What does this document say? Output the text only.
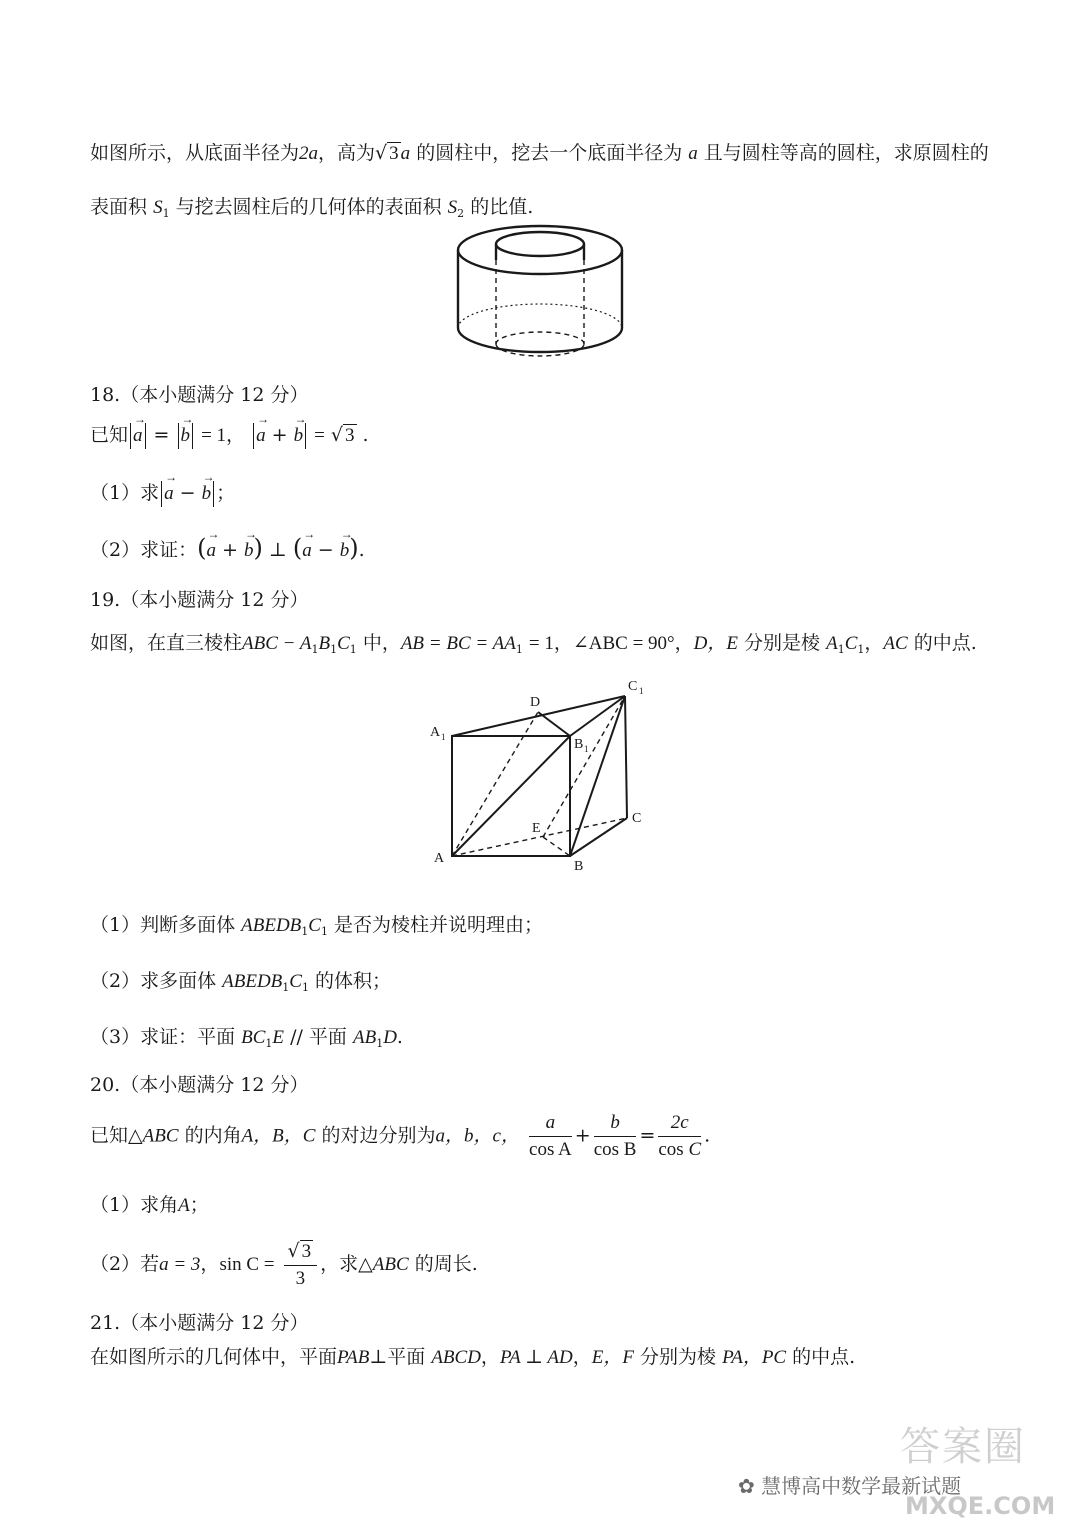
如图所示，从底面半径为2a，高为√ 3 a 的圆柱中，挖去一个底面半径为 a 且与圆柱等高的圆柱，求原圆柱的
表面积 $S_1$ 与挖去圆柱后的几何体的表面积 $S_2$ 的比值.
18.（本小题满分 12 分）
已知 → a = → b = 1， → a + → b = √ 3 .
（1）求 → a − → b ；
（2）求证：(→ a + → b) ⊥ (→ a − → b).
19.（本小题满分 12 分）
如图，在直三棱柱ABC − $A_1B_1C_1$ 中，AB = BC = $AA_1 = 1$，∠ABC = 90°，D，E 分别是棱 $A_1C_1$，AC 的中点.
A 1
D
C 1
B 1
E
C
A
B
（1）判断多面体 $ABEDB_1C_1$ 是否为棱柱并说明理由；
（2）求多面体 $ABEDB_1C_1$ 的体积；
（3）求证：平面 $BC_1E$ // 平面 $AB_1D$.
20.（本小题满分 12 分）
已知△ABC 的内角A，B，C 的对边分别为a，b，c， $\frac{a}{\text{cos A}} + \frac{b}{\text{cos B}} = \frac{2c}{\text{cos C}}$ .
（1）求角A；
（2）若a = 3，$\sin C = \frac{√ 3}{3}$ ，求△ABC 的周长.
21.（本小题满分 12 分）
在如图所示的几何体中，平面PAB⊥平面 ABCD，PA ⊥ AD，E，F 分别为棱 PA，PC 的中点.
✿ 慧博高中数学最新试题
答案圈
MXQE.COM
